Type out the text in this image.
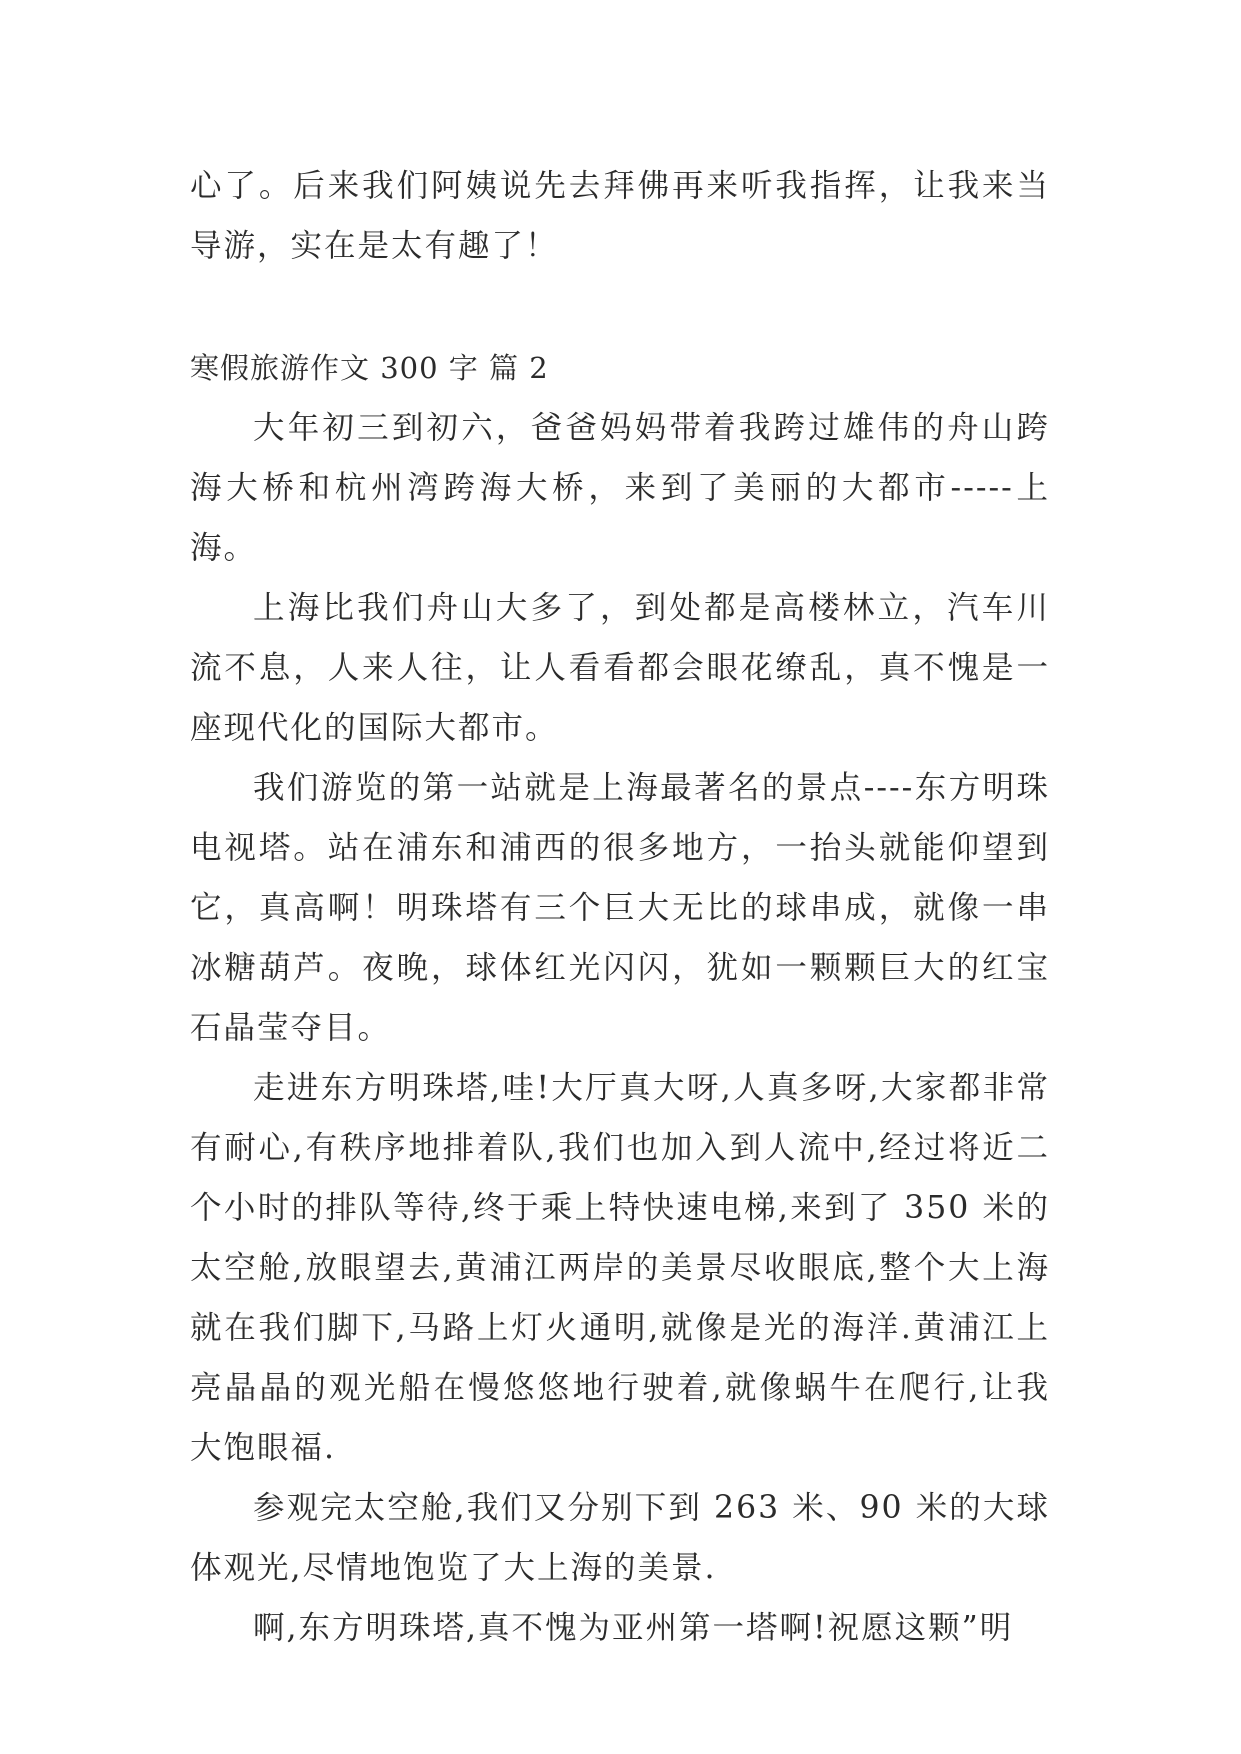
心了。后来我们阿姨说先去拜佛再来听我指挥，让我来当导游，实在是太有趣了！

寒假旅游作文 300 字 篇 2

大年初三到初六，爸爸妈妈带着我跨过雄伟的舟山跨海大桥和杭州湾跨海大桥，来到了美丽的大都市-----上海。

上海比我们舟山大多了，到处都是高楼林立，汽车川流不息，人来人往，让人看看都会眼花缭乱，真不愧是一座现代化的国际大都市。

我们游览的第一站就是上海最著名的景点----东方明珠电视塔。站在浦东和浦西的很多地方，一抬头就能仰望到它，真高啊！明珠塔有三个巨大无比的球串成，就像一串冰糖葫芦。夜晚，球体红光闪闪，犹如一颗颗巨大的红宝石晶莹夺目。

走进东方明珠塔,哇!大厅真大呀,人真多呀,大家都非常有耐心,有秩序地排着队,我们也加入到人流中,经过将近二个小时的排队等待,终于乘上特快速电梯,来到了 350 米的太空舱,放眼望去,黄浦江两岸的美景尽收眼底,整个大上海就在我们脚下,马路上灯火通明,就像是光的海洋.黄浦江上亮晶晶的观光船在慢悠悠地行驶着,就像蜗牛在爬行,让我大饱眼福.

参观完太空舱,我们又分别下到 263 米、90 米的大球体观光,尽情地饱览了大上海的美景.

啊,东方明珠塔,真不愧为亚州第一塔啊!祝愿这颗”明
